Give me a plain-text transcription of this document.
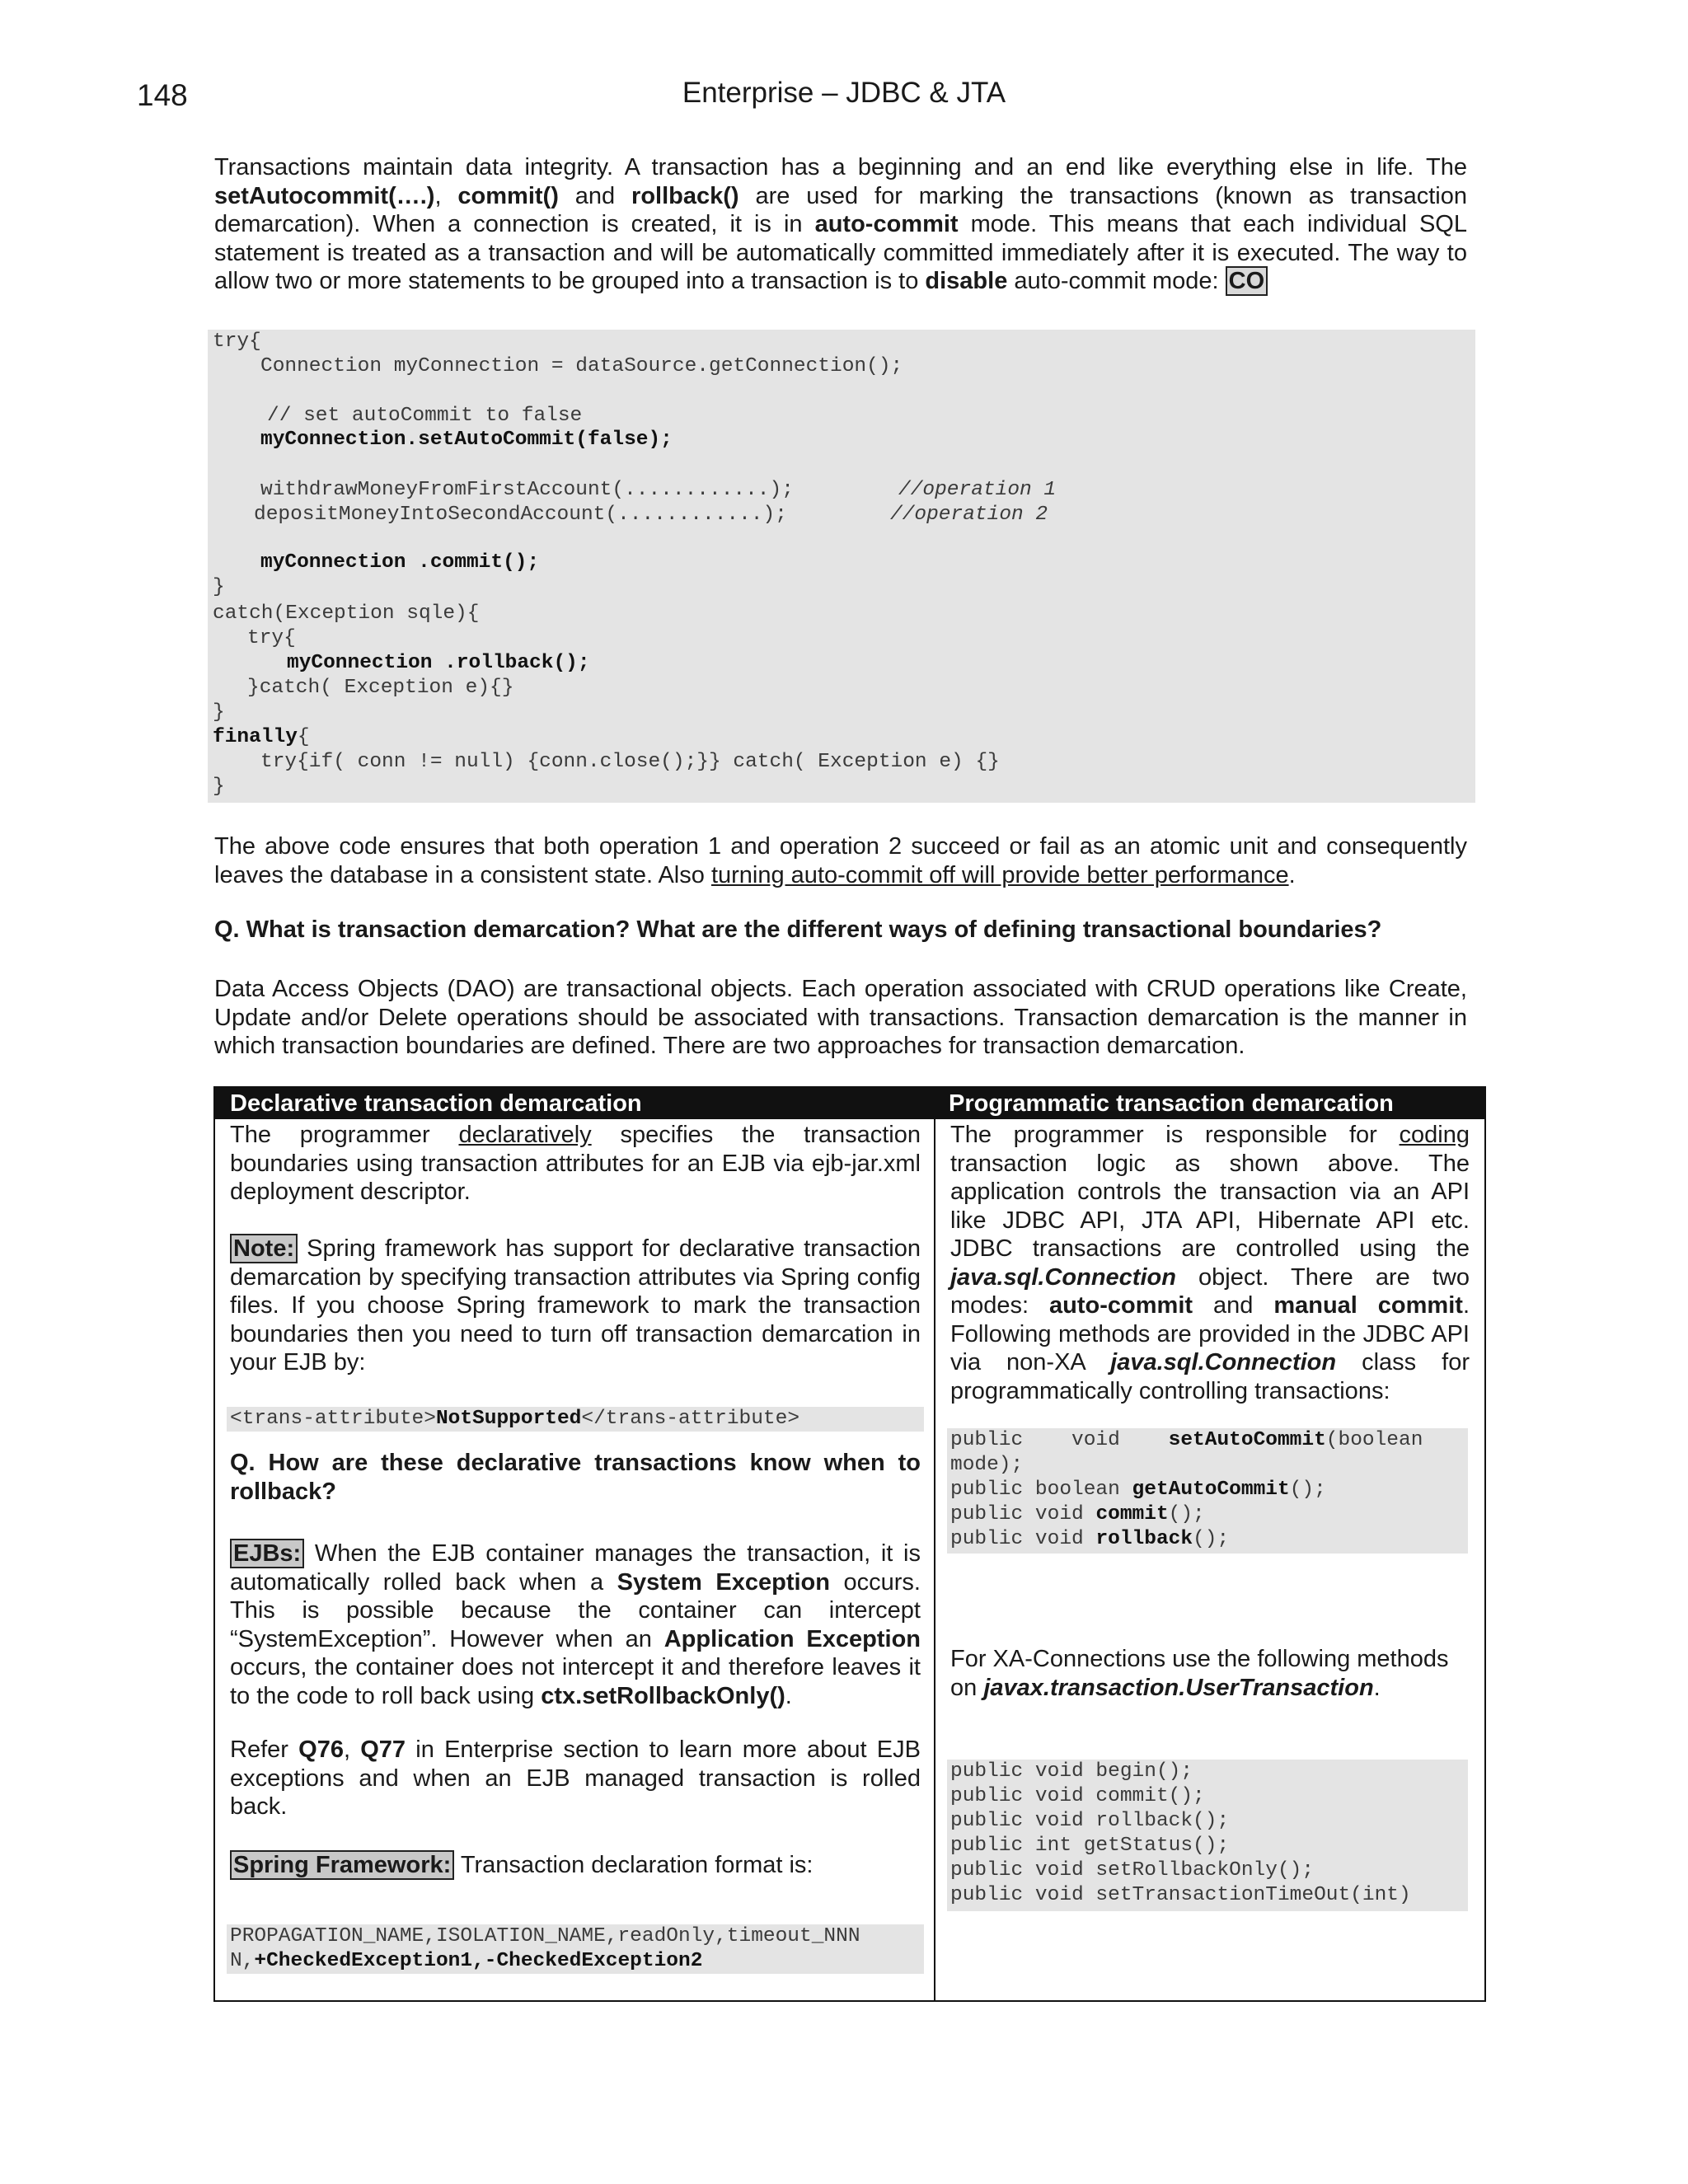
148	Enterprise – JDBC & JTA

Transactions maintain data integrity. A transaction has a beginning and an end like everything else in life. The setAutocommit(….), commit() and rollback() are used for marking the transactions (known as transaction demarcation). When a connection is created, it is in auto-commit mode. This means that each individual SQL statement is treated as a transaction and will be automatically committed immediately after it is executed. The way to allow two or more statements to be grouped into a transaction is to disable auto-commit mode: CO

try{
Connection myConnection = dataSource.getConnection();
// set autoCommit to false
myConnection.setAutoCommit(false);
withdrawMoneyFromFirstAccount(............);	//operation 1
depositMoneyIntoSecondAccount(............);	//operation 2
myConnection .commit();
}
catch(Exception sqle){
try{
myConnection .rollback();
}catch( Exception e){}
}
finally{
try{if( conn != null) {conn.close();}} catch( Exception e) {}
}

The above code ensures that both operation 1 and operation 2 succeed or fail as an atomic unit and consequently leaves the database in a consistent state. Also turning auto-commit off will provide better performance.

Q. What is transaction demarcation? What are the different ways of defining transactional boundaries?

Data Access Objects (DAO) are transactional objects. Each operation associated with CRUD operations like Create, Update and/or Delete operations should be associated with transactions. Transaction demarcation is the manner in which transaction boundaries are defined. There are two approaches for transaction demarcation.

Declarative transaction demarcation	Programmatic transaction demarcation

The programmer declaratively specifies the transaction boundaries using transaction attributes for an EJB via ejb-jar.xml deployment descriptor.

Note: Spring framework has support for declarative transaction demarcation by specifying transaction attributes via Spring config files. If you choose Spring framework to mark the transaction boundaries then you need to turn off transaction demarcation in your EJB by:

<trans-attribute>NotSupported</trans-attribute>

Q. How are these declarative transactions know when to rollback?

EJBs: When the EJB container manages the transaction, it is automatically rolled back when a System Exception occurs. This is possible because the container can intercept “SystemException”. However when an Application Exception occurs, the container does not intercept it and therefore leaves it to the code to roll back using ctx.setRollbackOnly().

Refer Q76, Q77 in Enterprise section to learn more about EJB exceptions and when an EJB managed transaction is rolled back.

Spring Framework: Transaction declaration format is:

PROPAGATION_NAME,ISOLATION_NAME,readOnly,timeout_NNN
N,+CheckedException1,-CheckedException2

The programmer is responsible for coding transaction logic as shown above. The application controls the transaction via an API like JDBC API, JTA API, Hibernate API etc. JDBC transactions are controlled using the java.sql.Connection object. There are two modes: auto-commit and manual commit. Following methods are provided in the JDBC API via non-XA java.sql.Connection class for programmatically controlling transactions:

public    void    setAutoCommit(boolean
mode);
public boolean getAutoCommit();
public void commit();
public void rollback();

For XA-Connections use the following methods on javax.transaction.UserTransaction.

public void begin();
public void commit();
public void rollback();
public int getStatus();
public void setRollbackOnly();
public void setTransactionTimeOut(int)
